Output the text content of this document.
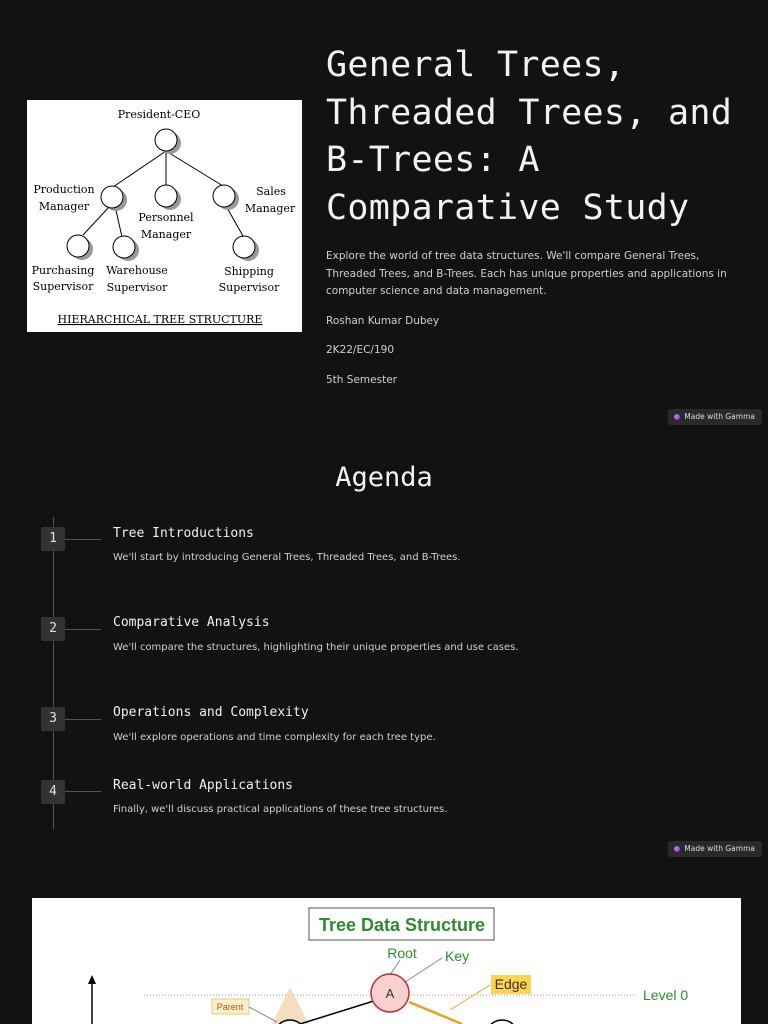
President-CEO
Production
Manager
Sales
Manager
Personnel
Manager
Purchasing
Supervisor
Warehouse
Supervisor
Shipping
Supervisor
HIERARCHICAL TREE STRUCTURE
General Trees, Threaded Trees, and B-Trees: A Comparative Study

Explore the world of tree data structures. We'll compare General Trees, Threaded Trees, and B-Trees. Each has unique properties and applications in computer science and data management.

Roshan Kumar Dubey

2K22/EC/190

5th Semester

Made with Gamma
Agenda
1	Tree Introductions

We'll start by introducing General Trees, Threaded Trees, and B-Trees.

2	Comparative Analysis

We'll compare the structures, highlighting their unique properties and use cases.

3	Operations and Complexity

We'll explore operations and time complexity for each tree type.

4	Real-world Applications

Finally, we'll discuss practical applications of these tree structures.

Made with Gamma
Tree Data Structure
Root Key
Edge
Level 0
Parent
A
